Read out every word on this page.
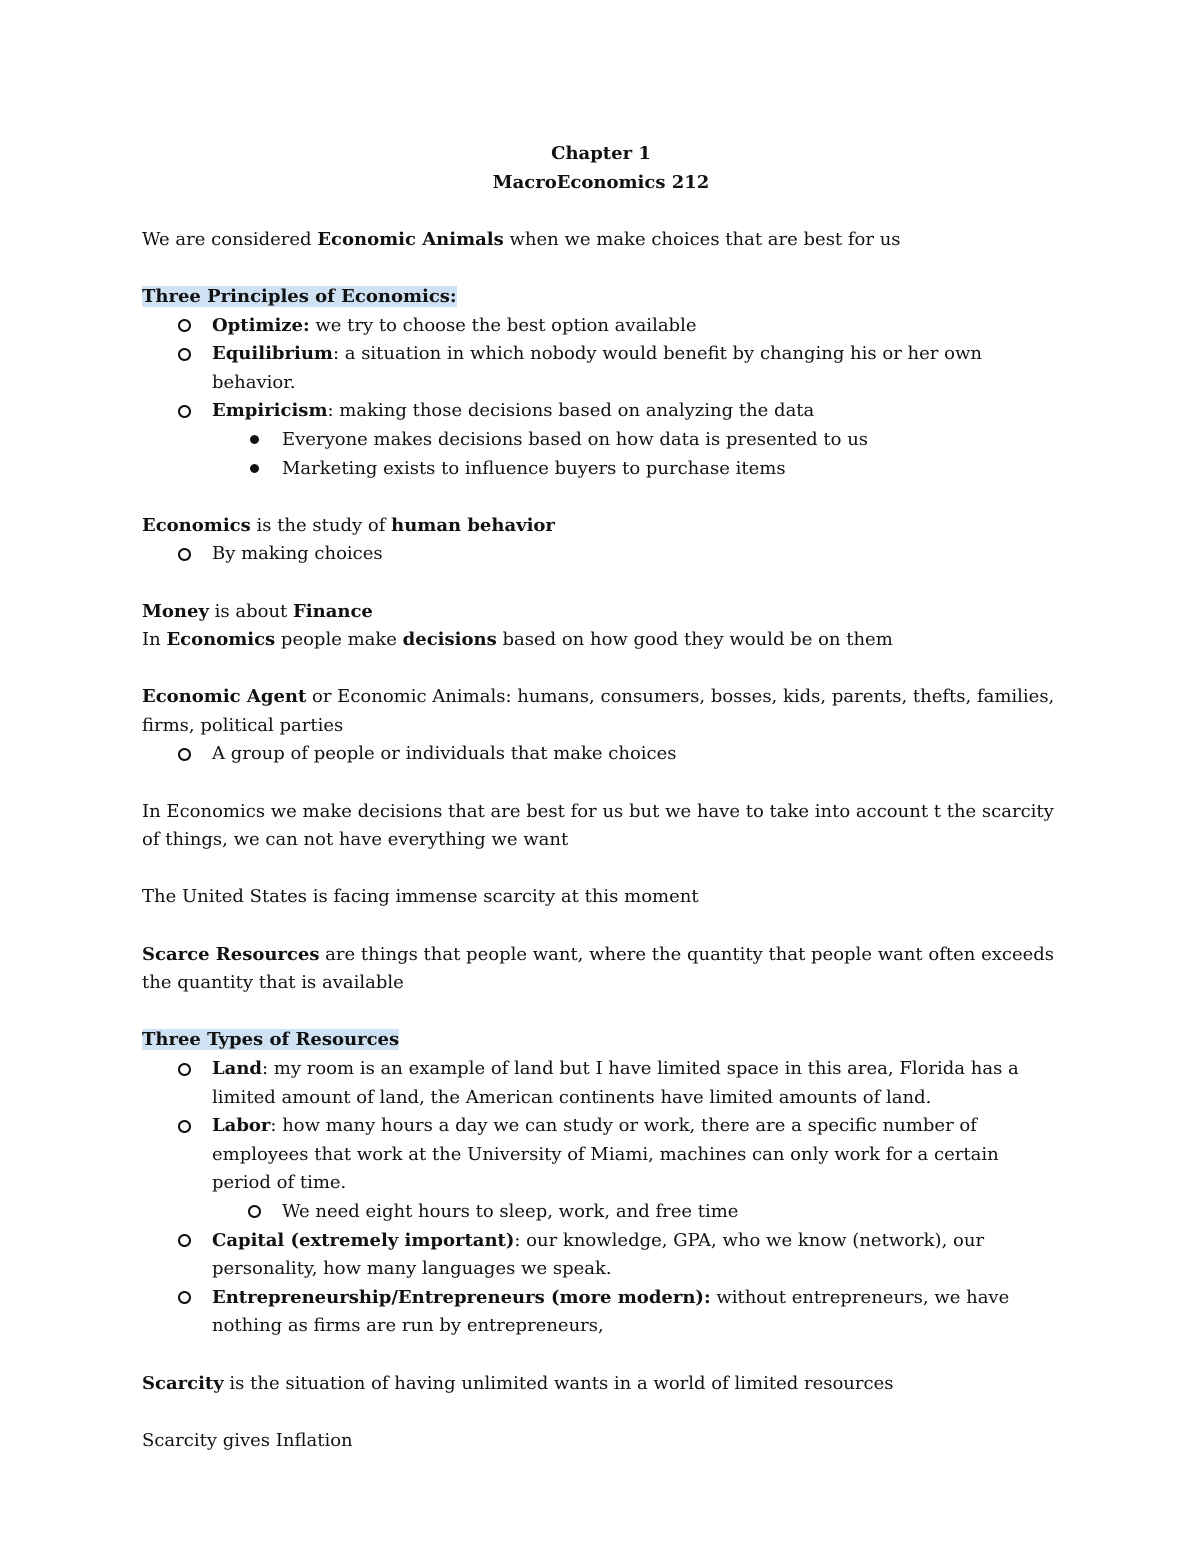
Chapter 1

MacroEconomics 212

We are considered Economic Animals when we make choices that are best for us

Three Principles of Economics:

Optimize: we try to choose the best option available
Equilibrium: a situation in which nobody would benefit by changing his or her own behavior.
Empiricism: making those decisions based on analyzing the data
Everyone makes decisions based on how data is presented to us
Marketing exists to influence buyers to purchase items

Economics is the study of human behavior

By making choices

Money is about Finance

In Economics people make decisions based on how good they would be on them

Economic Agent or Economic Animals: humans, consumers, bosses, kids, parents, thefts, families, firms, political parties

A group of people or individuals that make choices

In Economics we make decisions that are best for us but we have to take into account t the scarcity of things, we can not have everything we want

The United States is facing immense scarcity at this moment

Scarce Resources are things that people want, where the quantity that people want often exceeds the quantity that is available

Three Types of Resources

Land: my room is an example of land but I have limited space in this area, Florida has a limited amount of land, the American continents have limited amounts of land.
Labor: how many hours a day we can study or work, there are a specific number of employees that work at the University of Miami, machines can only work for a certain period of time.
We need eight hours to sleep, work, and free time
Capital (extremely important): our knowledge, GPA, who we know (network), our personality, how many languages we speak.
Entrepreneurship/Entrepreneurs (more modern): without entrepreneurs, we have nothing as firms are run by entrepreneurs,

Scarcity is the situation of having unlimited wants in a world of limited resources

Scarcity gives Inflation
